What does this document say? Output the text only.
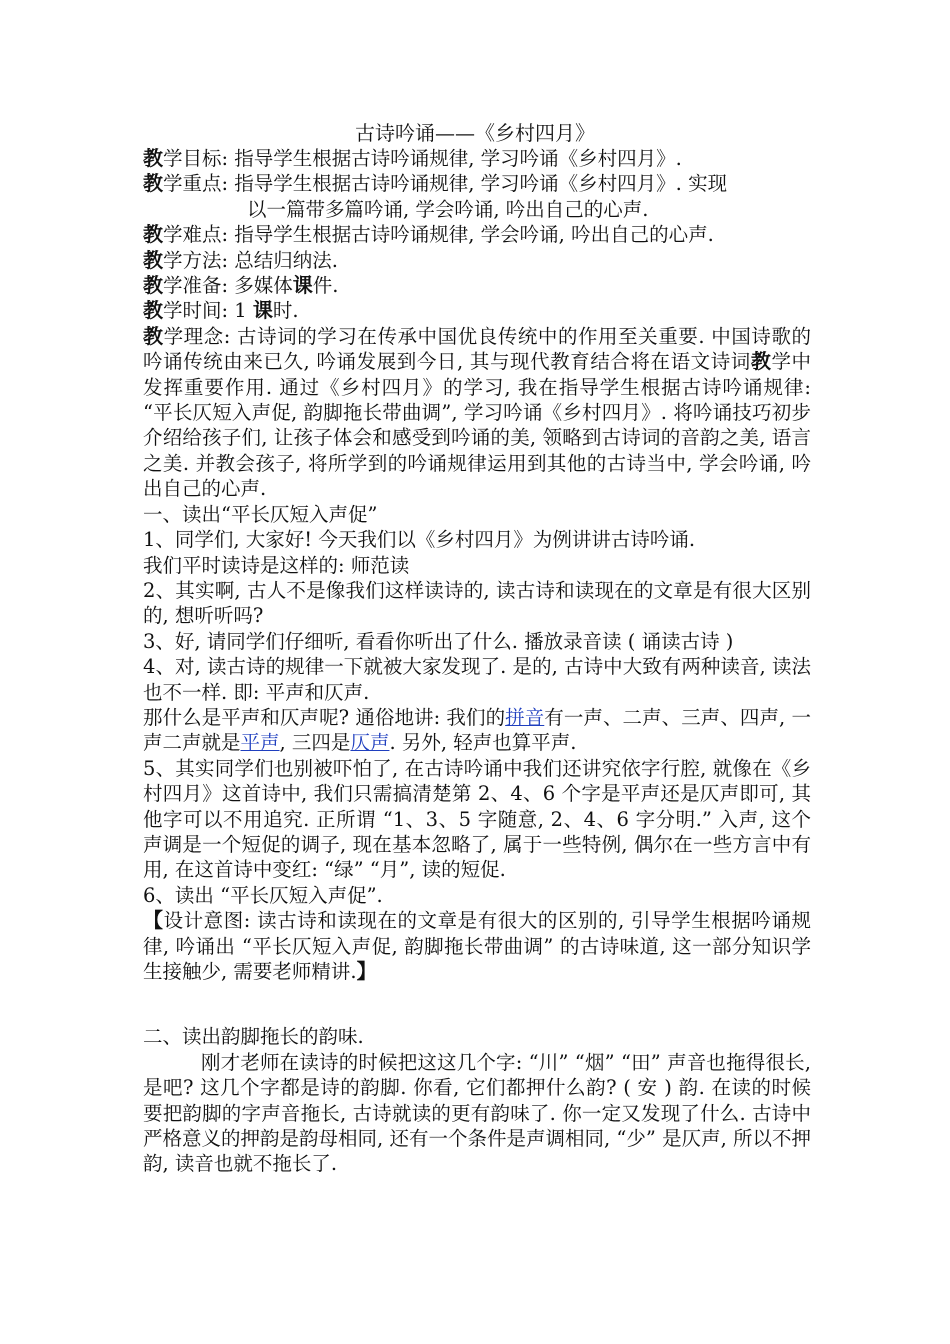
古诗吟诵——《乡村四月》

教学目标: 指导学生根据古诗吟诵规律, 学习吟诵《乡村四月》.

教学重点: 指导学生根据古诗吟诵规律, 学习吟诵《乡村四月》. 实现

以一篇带多篇吟诵, 学会吟诵, 吟出自己的心声.

教学难点: 指导学生根据古诗吟诵规律, 学会吟诵, 吟出自己的心声.

教学方法: 总结归纳法.

教学准备: 多媒体课件.

教学时间: 1 课时.

教学理念: 古诗词的学习在传承中国优良传统中的作用至关重要. 中国诗歌的吟诵传统由来已久, 吟诵发展到今日, 其与现代教育结合将在语文诗词教学中发挥重要作用. 通过《乡村四月》的学习, 我在指导学生根据古诗吟诵规律: “平长仄短入声促, 韵脚拖长带曲调”, 学习吟诵《乡村四月》. 将吟诵技巧初步介绍给孩子们, 让孩子体会和感受到吟诵的美, 领略到古诗词的音韵之美, 语言之美. 并教会孩子, 将所学到的吟诵规律运用到其他的古诗当中, 学会吟诵, 吟出自己的心声.

一、读出“平长仄短入声促”

1、同学们, 大家好! 今天我们以《乡村四月》为例讲讲古诗吟诵.

我们平时读诗是这样的: 师范读

2、其实啊, 古人不是像我们这样读诗的, 读古诗和读现在的文章是有很大区别的, 想听听吗?

3、好, 请同学们仔细听, 看看你听出了什么. 播放录音读 ( 诵读古诗 )

4、对, 读古诗的规律一下就被大家发现了. 是的, 古诗中大致有两种读音, 读法也不一样. 即: 平声和仄声.

那什么是平声和仄声呢? 通俗地讲: 我们的拼音有一声、二声、三声、四声, 一声二声就是平声, 三四是仄声. 另外, 轻声也算平声.

5、其实同学们也别被吓怕了, 在古诗吟诵中我们还讲究依字行腔, 就像在《乡村四月》这首诗中, 我们只需搞清楚第 2、4、6 个字是平声还是仄声即可, 其他字可以不用追究. 正所谓 “1、3、5 字随意, 2、4、6 字分明.” 入声, 这个声调是一个短促的调子, 现在基本忽略了, 属于一些特例, 偶尔在一些方言中有用, 在这首诗中变红: “绿” “月”, 读的短促.

6、读出 “平长仄短入声促”.

【设计意图: 读古诗和读现在的文章是有很大的区别的, 引导学生根据吟诵规律, 吟诵出 “平长仄短入声促, 韵脚拖长带曲调” 的古诗味道, 这一部分知识学生接触少, 需要老师精讲.】

二、读出韵脚拖长的韵味.

刚才老师在读诗的时候把这这几个字: “川” “烟” “田” 声音也拖得很长, 是吧? 这几个字都是诗的韵脚. 你看, 它们都押什么韵? ( 安 ) 韵. 在读的时候要把韵脚的字声音拖长, 古诗就读的更有韵味了. 你一定又发现了什么. 古诗中严格意义的押韵是韵母相同, 还有一个条件是声调相同, “少” 是仄声, 所以不押韵, 读音也就不拖长了.
